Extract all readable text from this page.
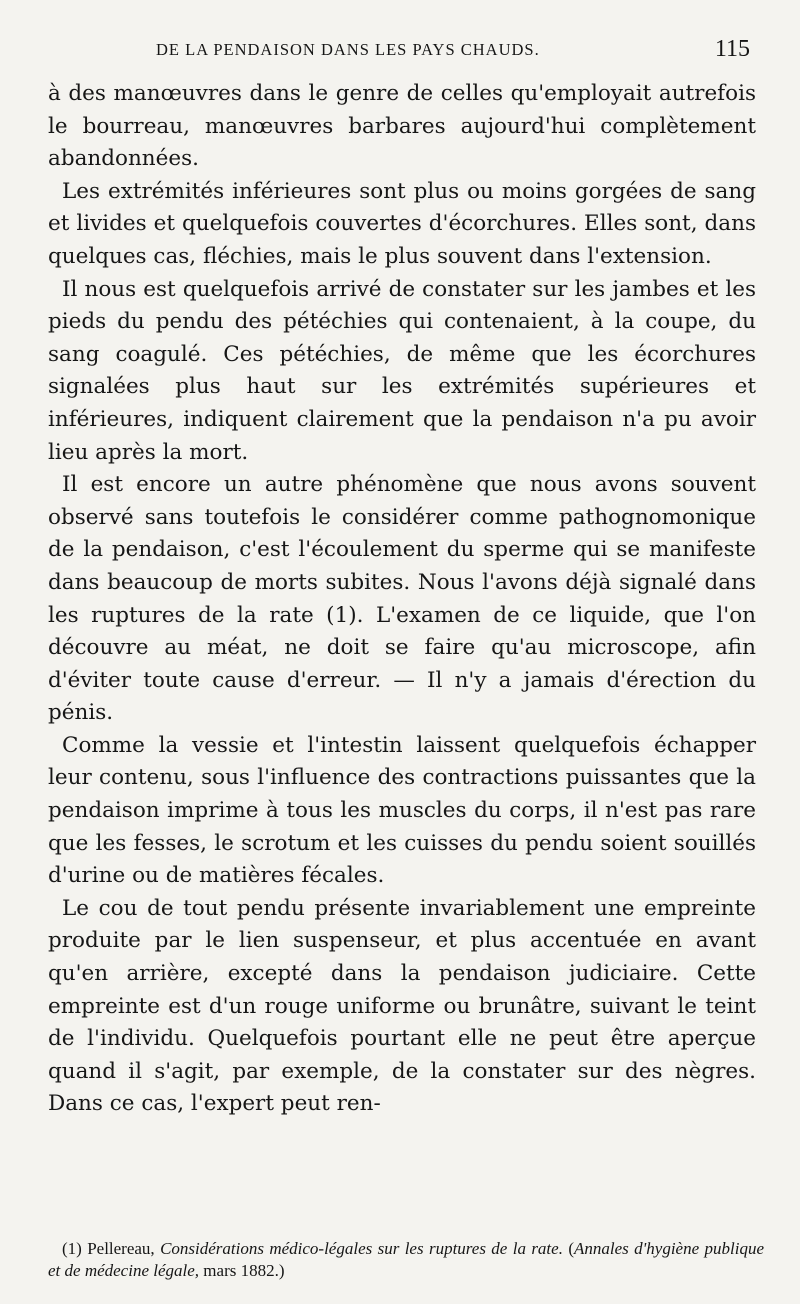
DE LA PENDAISON DANS LES PAYS CHAUDS.	115

à des manœuvres dans le genre de celles qu'employait autrefois le bourreau, manœuvres barbares aujourd'hui complètement abandonnées.

Les extrémités inférieures sont plus ou moins gorgées de sang et livides et quelquefois couvertes d'écorchures. Elles sont, dans quelques cas, fléchies, mais le plus souvent dans l'extension.

Il nous est quelquefois arrivé de constater sur les jambes et les pieds du pendu des pétéchies qui contenaient, à la coupe, du sang coagulé. Ces pétéchies, de même que les écorchures signalées plus haut sur les extrémités supérieures et inférieures, indiquent clairement que la pendaison n'a pu avoir lieu après la mort.

Il est encore un autre phénomène que nous avons souvent observé sans toutefois le considérer comme pathognomonique de la pendaison, c'est l'écoulement du sperme qui se manifeste dans beaucoup de morts subites. Nous l'avons déjà signalé dans les ruptures de la rate (1). L'examen de ce liquide, que l'on découvre au méat, ne doit se faire qu'au microscope, afin d'éviter toute cause d'erreur. — Il n'y a jamais d'érection du pénis.

Comme la vessie et l'intestin laissent quelquefois échapper leur contenu, sous l'influence des contractions puissantes que la pendaison imprime à tous les muscles du corps, il n'est pas rare que les fesses, le scrotum et les cuisses du pendu soient souillés d'urine ou de matières fécales.

Le cou de tout pendu présente invariablement une empreinte produite par le lien suspenseur, et plus accentuée en avant qu'en arrière, excepté dans la pendaison judiciaire. Cette empreinte est d'un rouge uniforme ou brunâtre, suivant le teint de l'individu. Quelquefois pourtant elle ne peut être aperçue quand il s'agit, par exemple, de la constater sur des nègres. Dans ce cas, l'expert peut ren-

(1) Pellereau, Considérations médico-légales sur les ruptures de la rate. (Annales d'hygiène publique et de médecine légale, mars 1882.)
